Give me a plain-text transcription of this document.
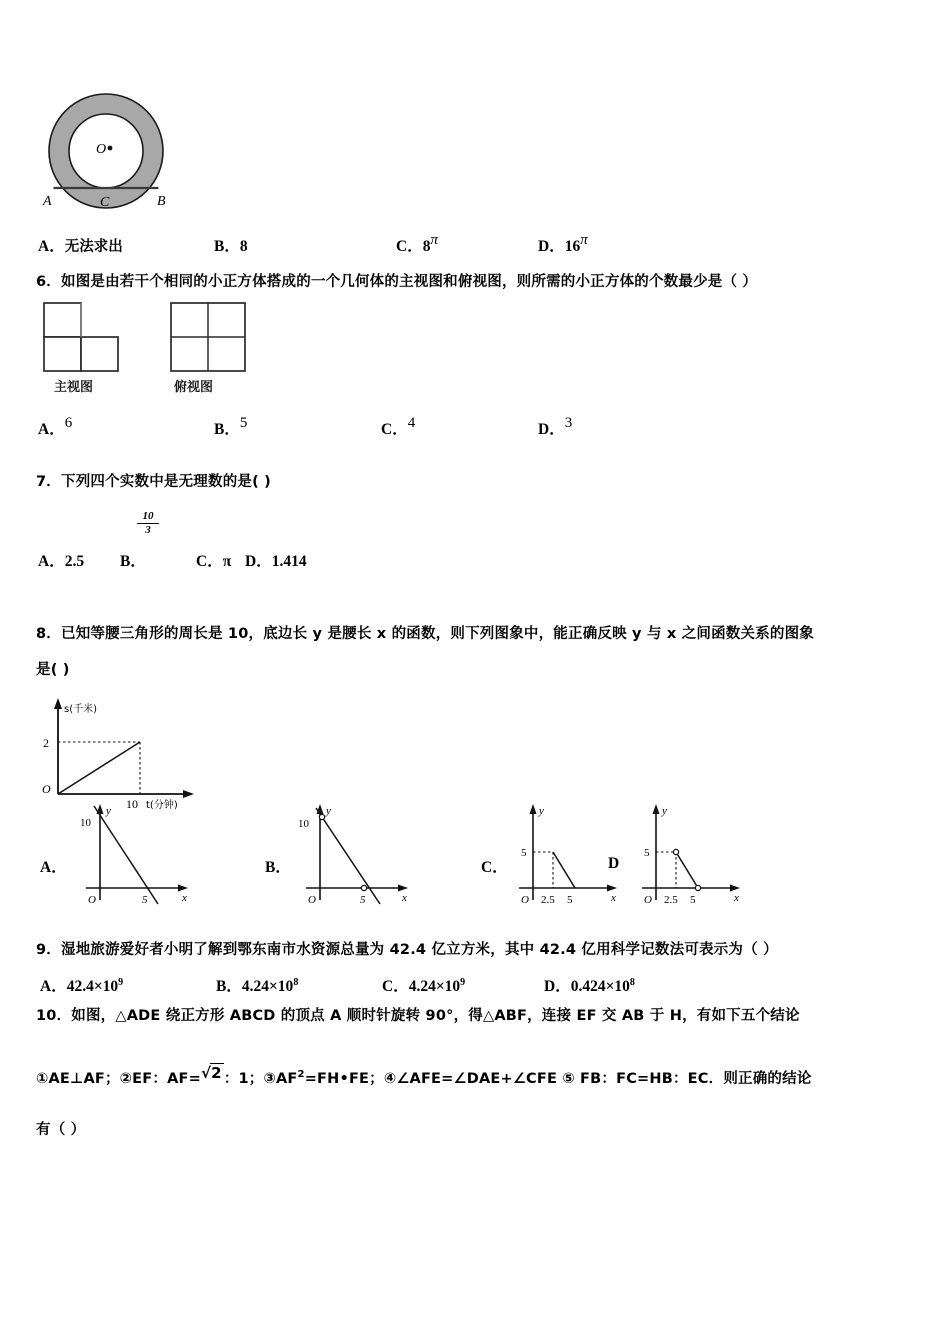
O
A	C	B
A．无法求出	B．8	C．8π	D．16π
6．如图是由若干个相同的小正方体搭成的一个几何体的主视图和俯视图，则所需的小正方体的个数最少是（ ）
主视图	俯视图
A．6	B．5	C．4	D．3
7．下列四个实数中是无理数的是( )
10
3
A．2.5 B．	C．π D．1.414
8．已知等腰三角形的周长是 10，底边长 y 是腰长 x 的函数，则下列图象中，能正确反映 y 与 x 之间函数关系的图象
是( )
2
O
10
s(千米)
t(分钟)
A．
10
O	5
y
x
B．
10
O	5
y
x
C．
5
O 2.5 5
y
x
D
5
O 2.5 5
y
x
9．湿地旅游爱好者小明了解到鄂东南市水资源总量为 42.4 亿立方米，其中 42.4 亿用科学记数法可表示为（ ）
A．$42.4\times 10^9$	B．$4.24\times 10^8$	C．$4.24\times 10^9$	D．$0.424\times 10^8$
10．如图，△ADE 绕正方形 ABCD 的顶点 A 顺时针旋转 90°，得△ABF，连接 EF 交 AB 于 H，有如下五个结论
①AE⊥AF；②EF：AF=√2 ：1；$③AF^2=FH•FE$；④∠AFE=∠DAE+∠CFE ⑤ FB：FC=HB：EC．则正确的结论
有（ ）
